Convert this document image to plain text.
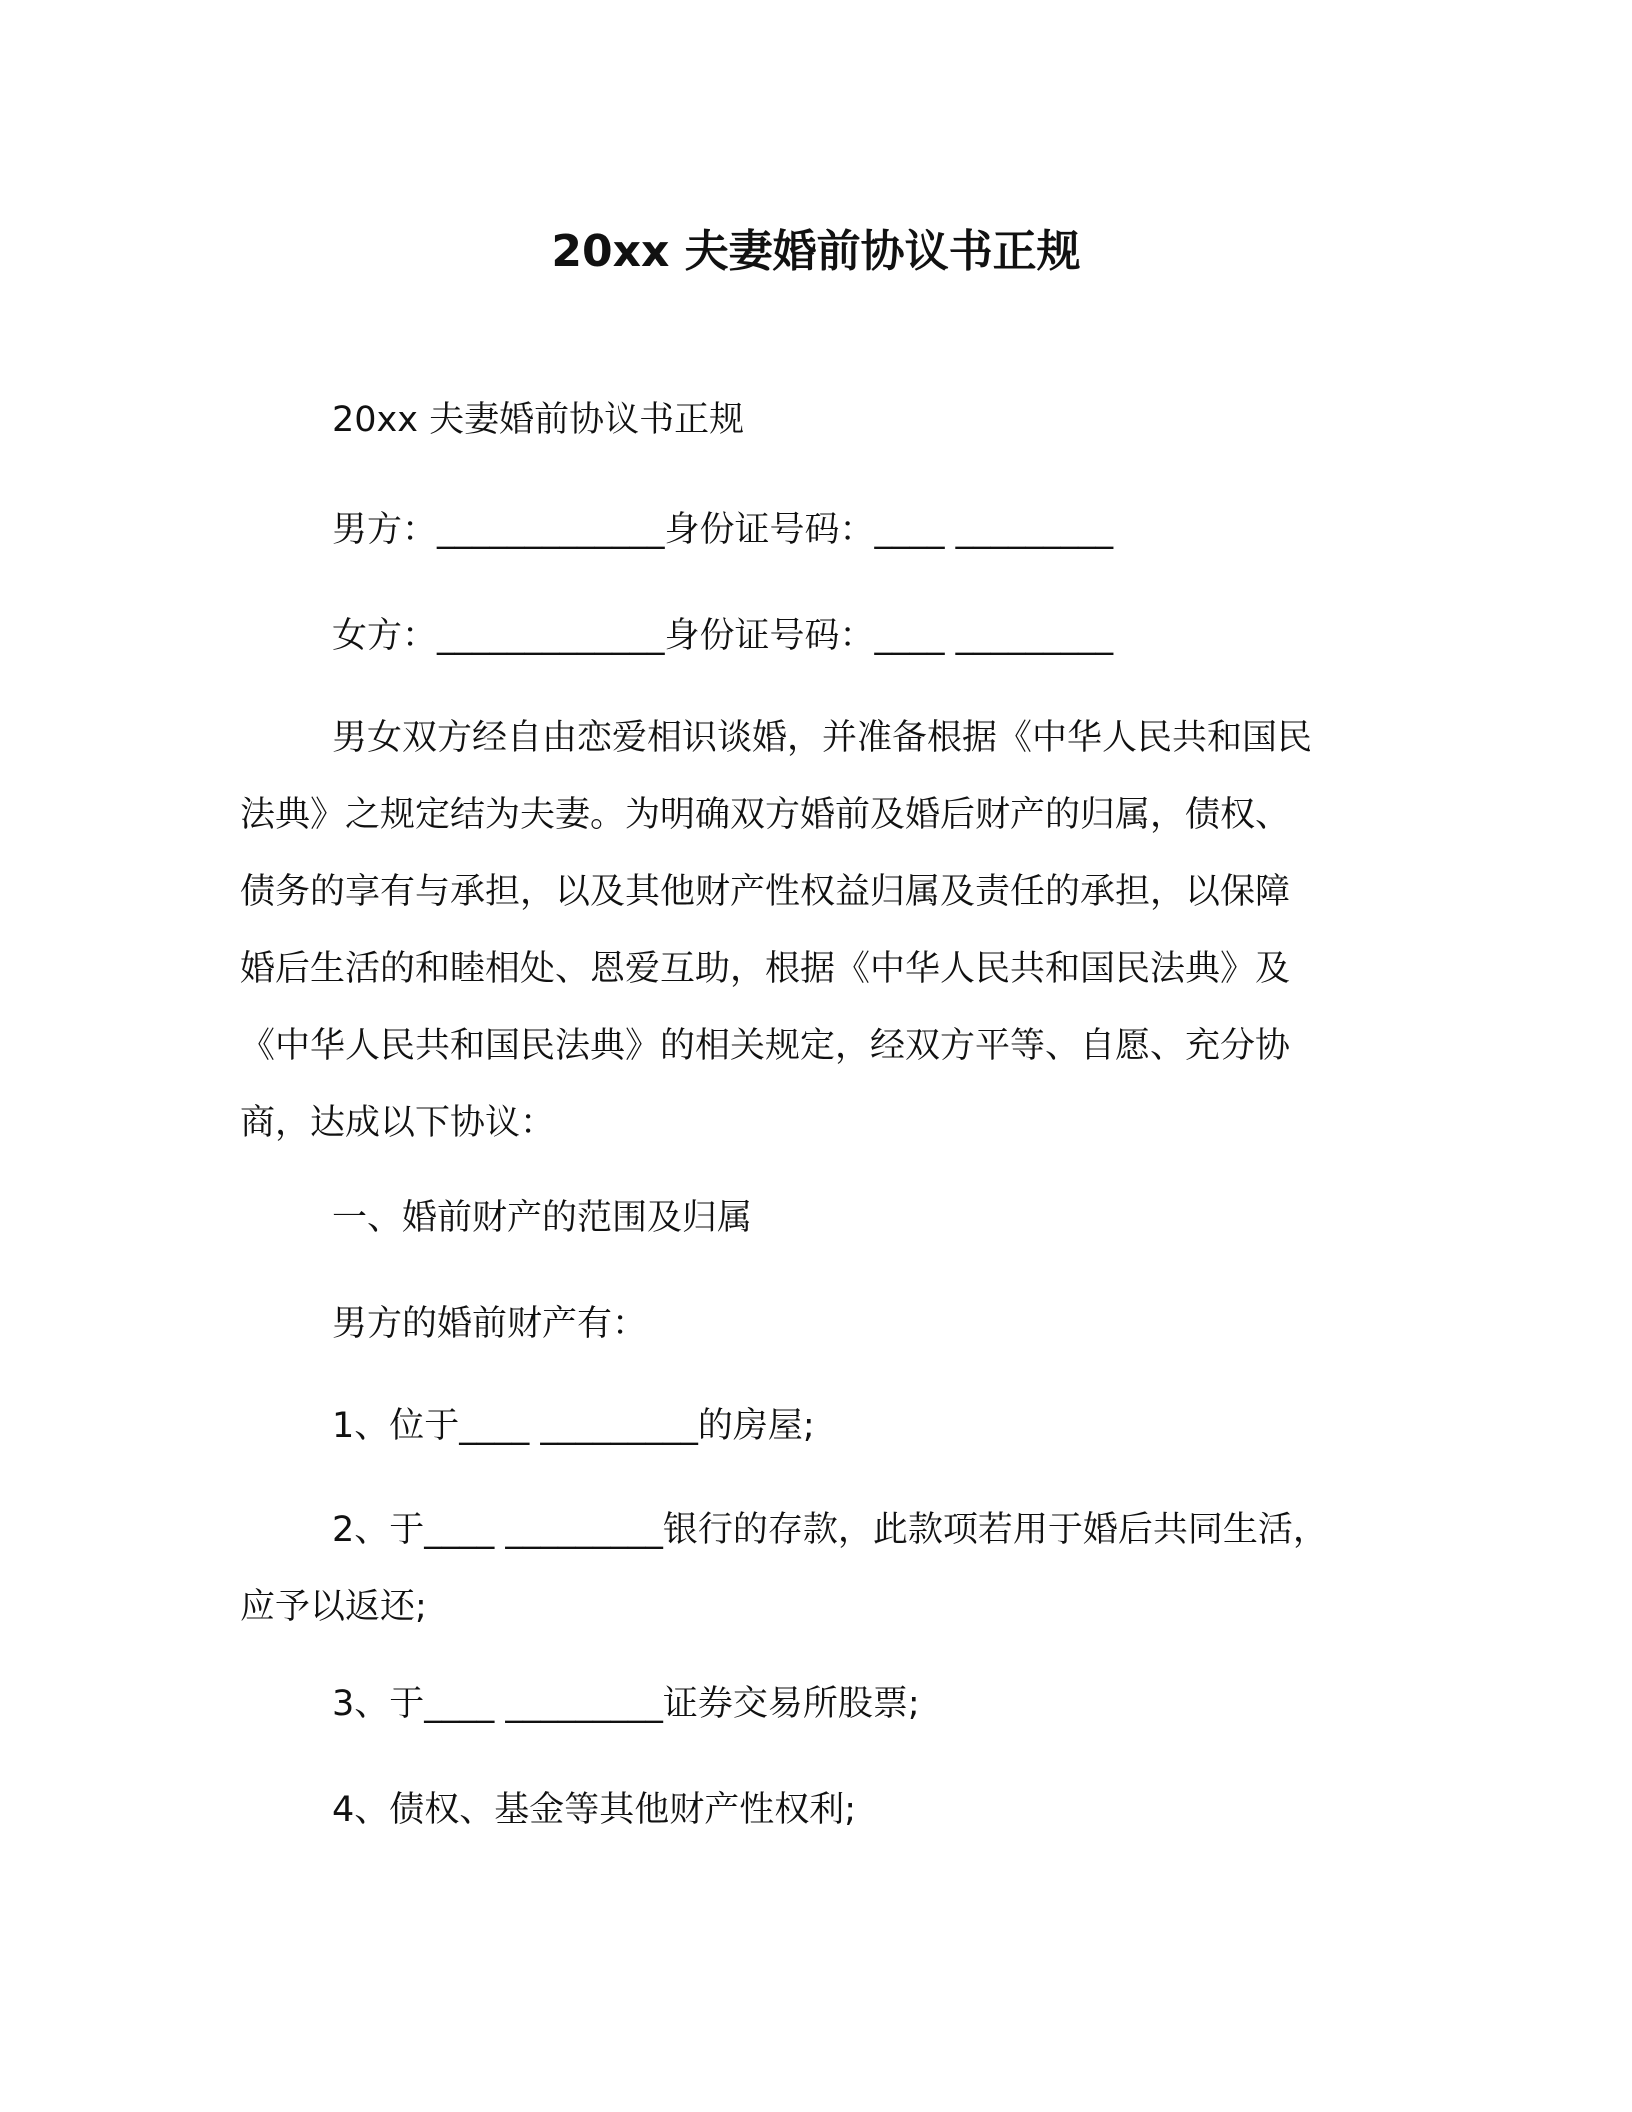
20xx 夫妻婚前协议书正规
20xx 夫妻婚前协议书正规
男方：_____________身份证号码：____ _________
女方：_____________身份证号码：____ _________
男女双方经自由恋爱相识谈婚，并准备根据《中华人民共和国民
法典》之规定结为夫妻。为明确双方婚前及婚后财产的归属，债权、
债务的享有与承担，以及其他财产性权益归属及责任的承担，以保障
婚后生活的和睦相处、恩爱互助，根据《中华人民共和国民法典》及
《中华人民共和国民法典》的相关规定，经双方平等、自愿、充分协
商，达成以下协议：
一、婚前财产的范围及归属
男方的婚前财产有：
1、位于____ _________的房屋;
2、于____ _________银行的存款，此款项若用于婚后共同生活，
应予以返还;
3、于____ _________证券交易所股票;
4、债权、基金等其他财产性权利;
